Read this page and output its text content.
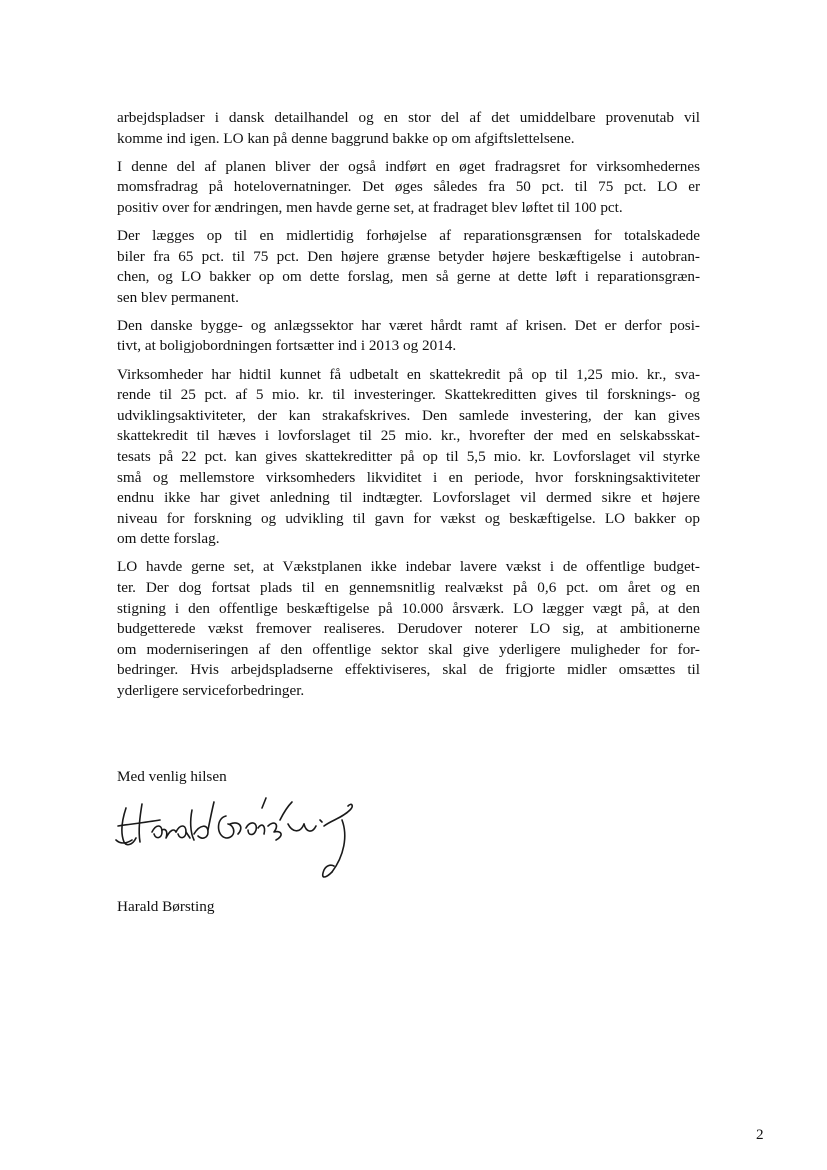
arbejdspladser i dansk detailhandel og en stor del af det umiddelbare provenutab vil
komme ind igen. LO kan på denne baggrund bakke op om afgiftslettelsene.

I denne del af planen bliver der også indført en øget fradragsret for virksomhedernes
momsfradrag på hotelovernatninger. Det øges således fra 50 pct. til 75 pct. LO er
positiv over for ændringen, men havde gerne set, at fradraget blev løftet til 100 pct.

Der lægges op til en midlertidig forhøjelse af reparationsgrænsen for totalskadede
biler fra 65 pct. til 75 pct. Den højere grænse betyder højere beskæftigelse i autobran-
chen, og LO bakker op om dette forslag, men så gerne at dette løft i reparationsgræn-
sen blev permanent.

Den danske bygge- og anlægssektor har været hårdt ramt af krisen. Det er derfor posi-
tivt, at boligjobordningen fortsætter ind i 2013 og 2014.

Virksomheder har hidtil kunnet få udbetalt en skattekredit på op til 1,25 mio. kr., sva-
rende til 25 pct. af 5 mio. kr. til investeringer. Skattekreditten gives til forsknings- og
udviklingsaktiviteter, der kan strakafskrives. Den samlede investering, der kan gives
skattekredit til hæves i lovforslaget til 25 mio. kr., hvorefter der med en selskabsskat-
tesats på 22 pct. kan gives skattekreditter på op til 5,5 mio. kr. Lovforslaget vil styrke
små og mellemstore virksomheders likviditet i en periode, hvor forskningsaktiviteter
endnu ikke har givet anledning til indtægter. Lovforslaget vil dermed sikre et højere
niveau for forskning og udvikling til gavn for vækst og beskæftigelse. LO bakker op
om dette forslag.

LO havde gerne set, at Vækstplanen ikke indebar lavere vækst i de offentlige budget-
ter. Der dog fortsat plads til en gennemsnitlig realvækst på 0,6 pct. om året og en
stigning i den offentlige beskæftigelse på 10.000 årsværk. LO lægger vægt på, at den
budgetterede vækst fremover realiseres. Derudover noterer LO sig, at ambitionerne
om moderniseringen af den offentlige sektor skal give yderligere muligheder for for-
bedringer. Hvis arbejdspladserne effektiviseres, skal de frigjorte midler omsættes til
yderligere serviceforbedringer.

Med venlig hilsen
Harald Børsting
2
